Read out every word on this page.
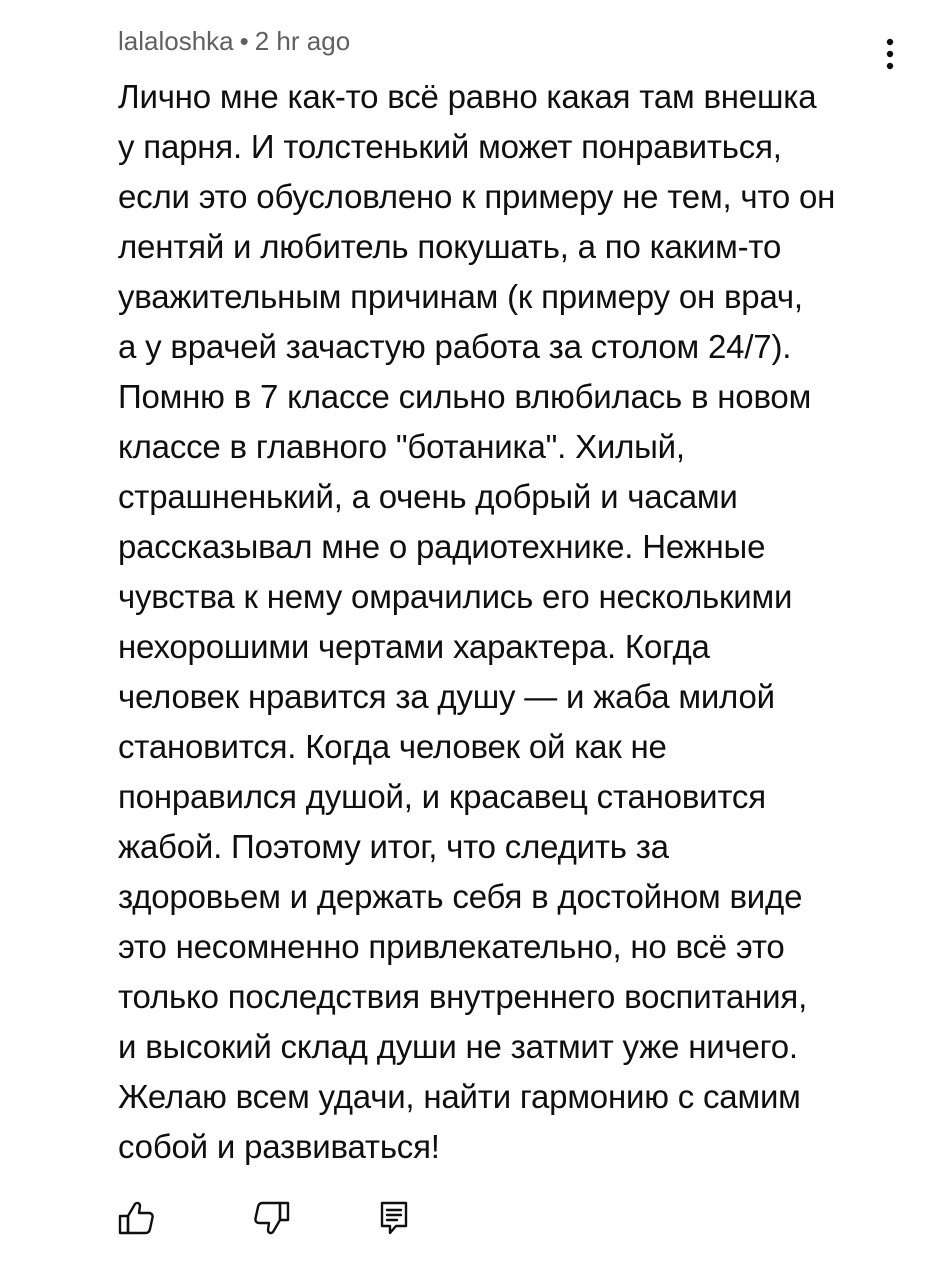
lalaloshka • 2 hr ago
Лично мне как-то всё равно какая там внешка
у парня. И толстенький может понравиться,
если это обусловлено к примеру не тем, что он
лентяй и любитель покушать, а по каким-то
уважительным причинам (к примеру он врач,
а у врачей зачастую работа за столом 24/7).
Помню в 7 классе сильно влюбилась в новом
классе в главного "ботаника". Хилый,
страшненький, а очень добрый и часами
рассказывал мне о радиотехнике. Нежные
чувства к нему омрачились его несколькими
нехорошими чертами характера. Когда
человек нравится за душу — и жаба милой
становится. Когда человек ой как не
понравился душой, и красавец становится
жабой. Поэтому итог, что следить за
здоровьем и держать себя в достойном виде
это несомненно привлекательно, но всё это
только последствия внутреннего воспитания,
и высокий склад души не затмит уже ничего.
Желаю всем удачи, найти гармонию с самим
собой и развиваться!
